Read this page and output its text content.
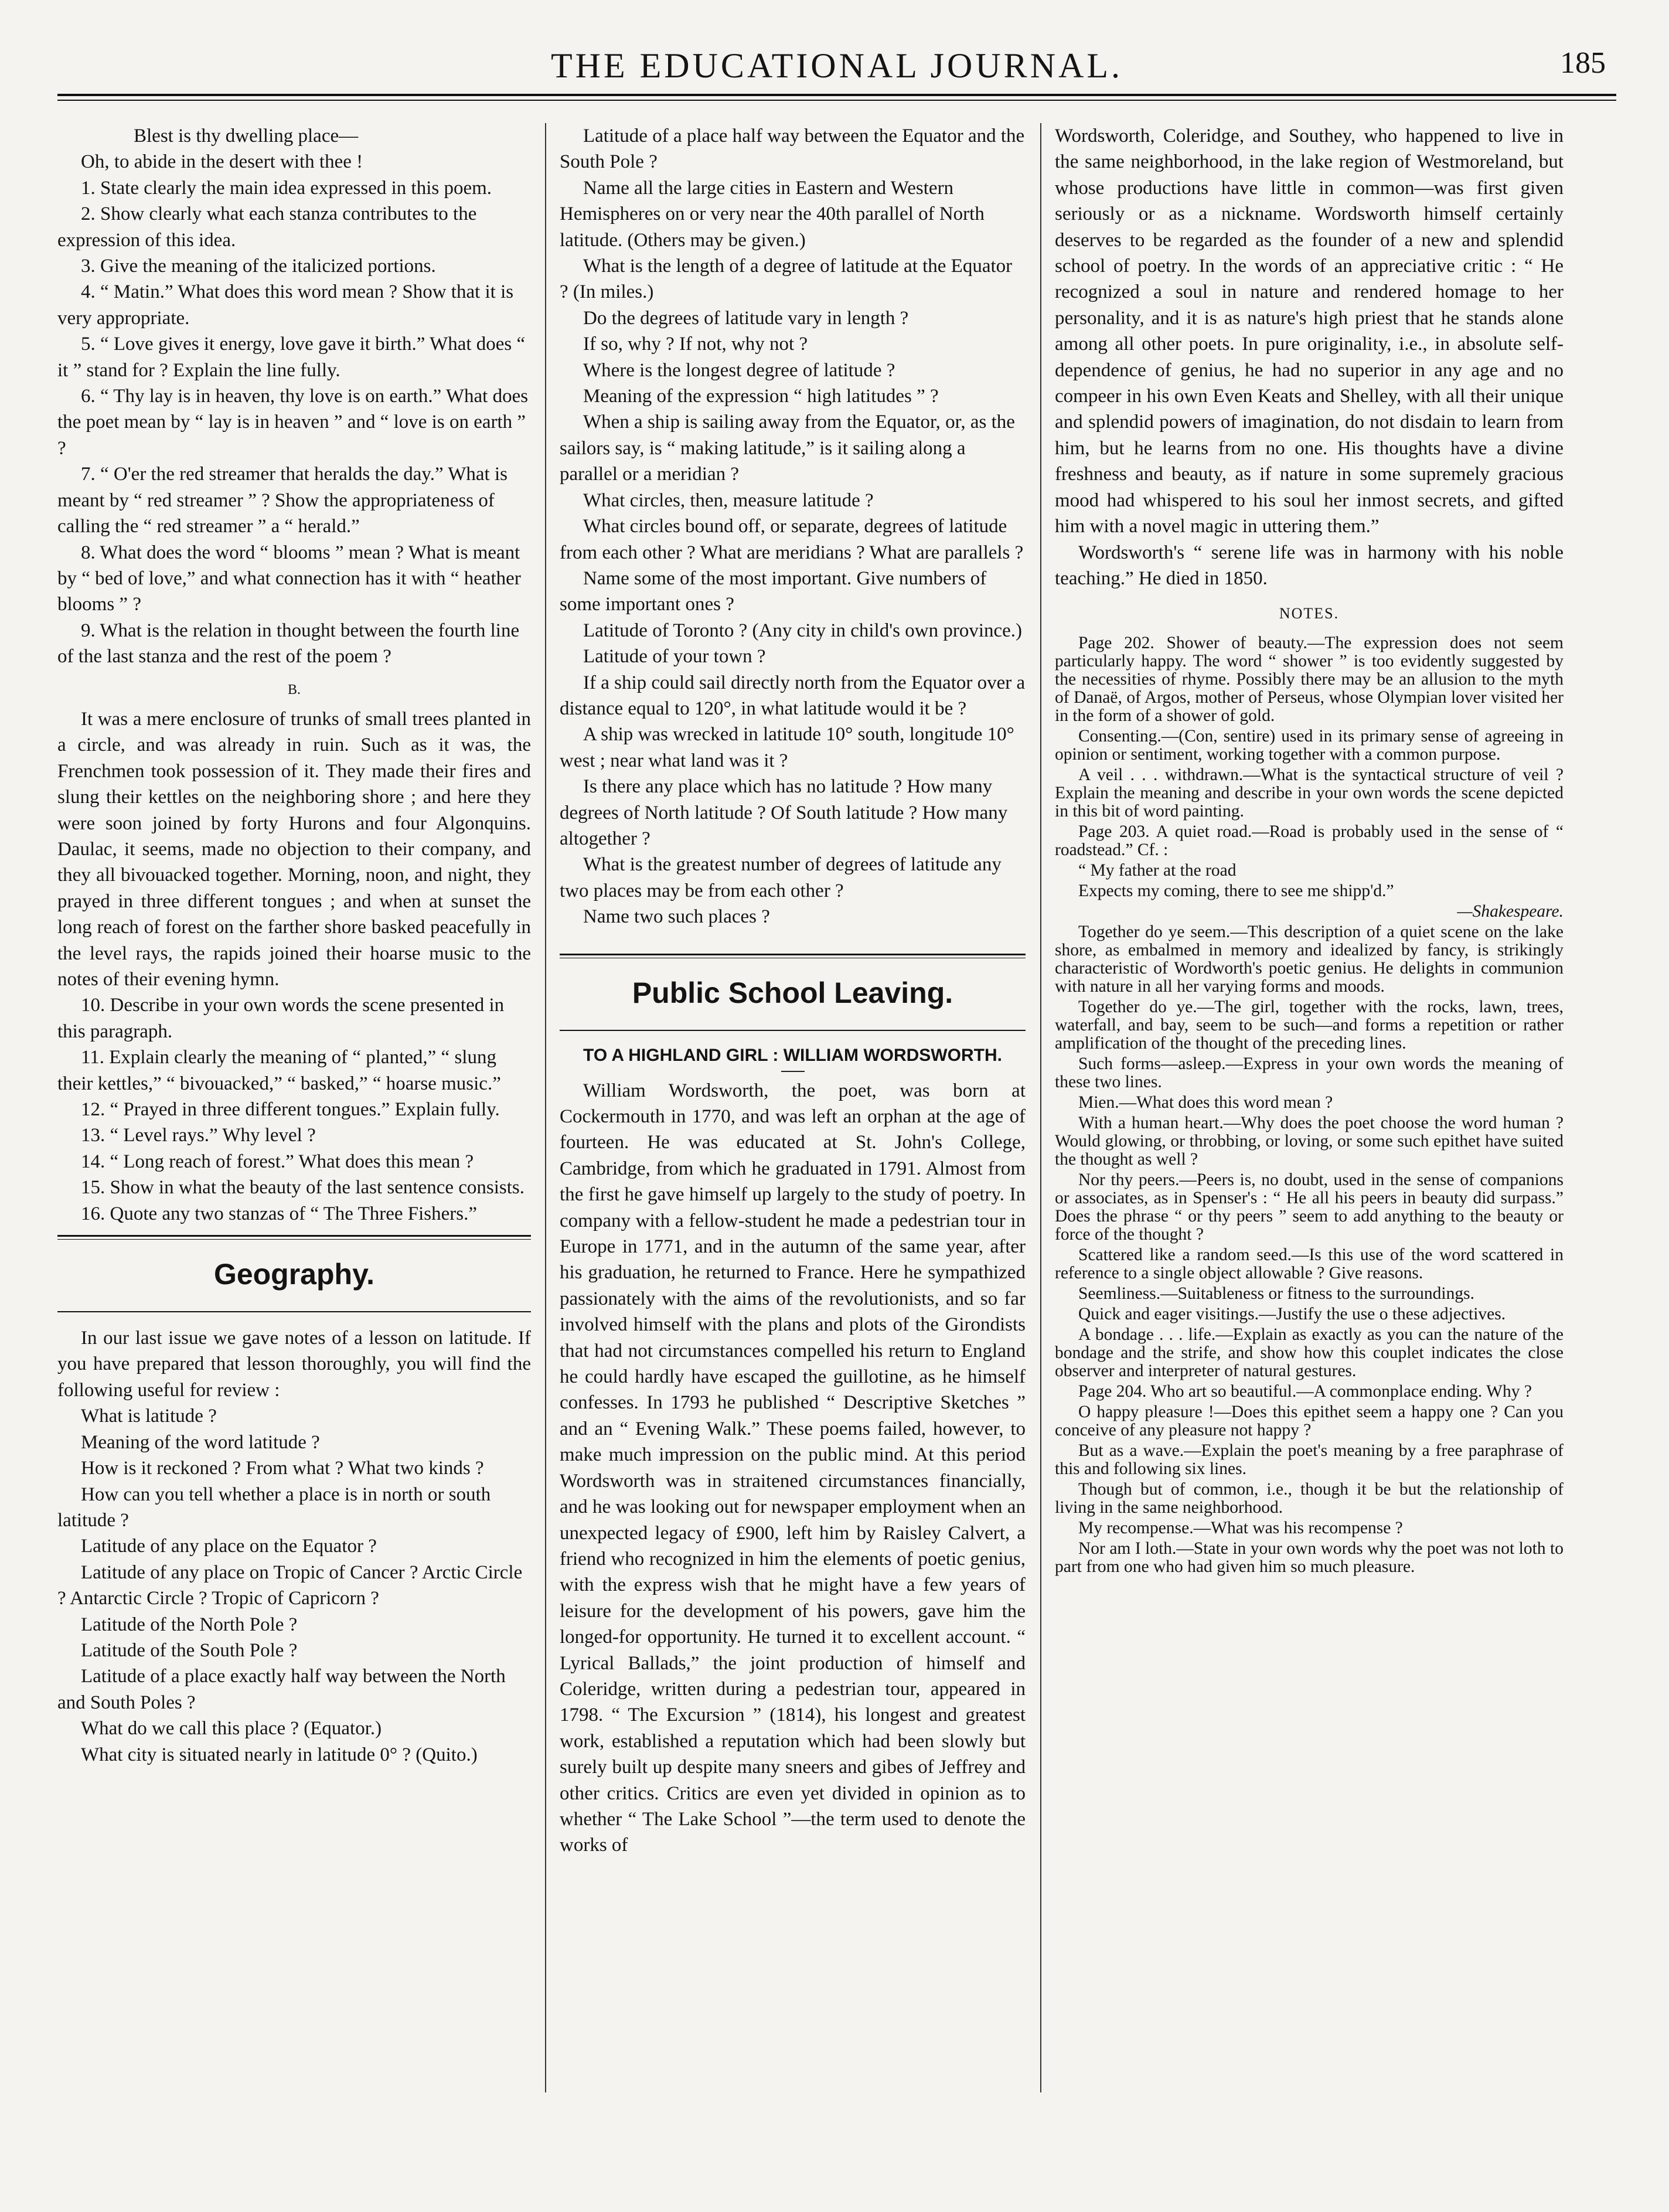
THE EDUCATIONAL JOURNAL.	185

Blest is thy dwelling place—

Oh, to abide in the desert with thee !

1. State clearly the main idea expressed in this poem.

2. Show clearly what each stanza contributes to the expression of this idea.

3. Give the meaning of the italicized portions.

4. “ Matin.” What does this word mean ? Show that it is very appropriate.

5. “ Love gives it energy, love gave it birth.” What does “ it ” stand for ? Explain the line fully.

6. “ Thy lay is in heaven, thy love is on earth.” What does the poet mean by “ lay is in heaven ” and “ love is on earth ” ?

7. “ O'er the red streamer that heralds the day.” What is meant by “ red streamer ” ? Show the appropriateness of calling the “ red streamer ” a “ herald.”

8. What does the word “ blooms ” mean ? What is meant by “ bed of love,” and what connection has it with “ heather blooms ” ?

9. What is the relation in thought between the fourth line of the last stanza and the rest of the poem ?

B.

It was a mere enclosure of trunks of small trees planted in a circle, and was already in ruin. Such as it was, the Frenchmen took possession of it. They made their fires and slung their kettles on the neighboring shore ; and here they were soon joined by forty Hurons and four Algonquins. Daulac, it seems, made no objection to their company, and they all bivouacked together. Morning, noon, and night, they prayed in three different tongues ; and when at sunset the long reach of forest on the farther shore basked peacefully in the level rays, the rapids joined their hoarse music to the notes of their evening hymn.

10. Describe in your own words the scene presented in this paragraph.

11. Explain clearly the meaning of “ planted,” “ slung their kettles,” “ bivouacked,” “ basked,” “ hoarse music.”

12. “ Prayed in three different tongues.” Explain fully.

13. “ Level rays.” Why level ?

14. “ Long reach of forest.” What does this mean ?

15. Show in what the beauty of the last sentence consists.

16. Quote any two stanzas of “ The Three Fishers.”

Geography.

In our last issue we gave notes of a lesson on latitude. If you have prepared that lesson thoroughly, you will find the following useful for review :

What is latitude ?

Meaning of the word latitude ?

How is it reckoned ? From what ? What two kinds ?

How can you tell whether a place is in north or south latitude ?

Latitude of any place on the Equator ?

Latitude of any place on Tropic of Cancer ? Arctic Circle ? Antarctic Circle ? Tropic of Capricorn ?

Latitude of the North Pole ?

Latitude of the South Pole ?

Latitude of a place exactly half way between the North and South Poles ?

What do we call this place ? (Equator.)

What city is situated nearly in latitude 0° ? (Quito.)

Latitude of a place half way between the Equator and the South Pole ?

Name all the large cities in Eastern and Western Hemispheres on or very near the 40th parallel of North latitude. (Others may be given.)

What is the length of a degree of latitude at the Equator ? (In miles.)

Do the degrees of latitude vary in length ?

If so, why ? If not, why not ?

Where is the longest degree of latitude ?

Meaning of the expression “ high latitudes ” ?

When a ship is sailing away from the Equator, or, as the sailors say, is “ making latitude,” is it sailing along a parallel or a meridian ?

What circles, then, measure latitude ?

What circles bound off, or separate, degrees of latitude from each other ? What are meridians ? What are parallels ?

Name some of the most important. Give numbers of some important ones ?

Latitude of Toronto ? (Any city in child's own province.)

Latitude of your town ?

If a ship could sail directly north from the Equator over a distance equal to 120°, in what latitude would it be ?

A ship was wrecked in latitude 10° south, longitude 10° west ; near what land was it ?

Is there any place which has no latitude ? How many degrees of North latitude ? Of South latitude ? How many altogether ?

What is the greatest number of degrees of latitude any two places may be from each other ?

Name two such places ?

Public School Leaving.
TO A HIGHLAND GIRL : WILLIAM WORDSWORTH.

William Wordsworth, the poet, was born at Cockermouth in 1770, and was left an orphan at the age of fourteen. He was educated at St. John's College, Cambridge, from which he graduated in 1791. Almost from the first he gave himself up largely to the study of poetry. In company with a fellow-student he made a pedestrian tour in Europe in 1771, and in the autumn of the same year, after his graduation, he returned to France. Here he sympathized passionately with the aims of the revolutionists, and so far involved himself with the plans and plots of the Girondists that had not circumstances compelled his return to England he could hardly have escaped the guillotine, as he himself confesses. In 1793 he published “ Descriptive Sketches ” and an “ Evening Walk.” These poems failed, however, to make much impression on the public mind. At this period Wordsworth was in straitened circumstances financially, and he was looking out for newspaper employment when an unexpected legacy of £900, left him by Raisley Calvert, a friend who recognized in him the elements of poetic genius, with the express wish that he might have a few years of leisure for the development of his powers, gave him the longed-for opportunity. He turned it to excellent account. “ Lyrical Ballads,” the joint production of himself and Coleridge, written during a pedestrian tour, appeared in 1798. “ The Excursion ” (1814), his longest and greatest work, established a reputation which had been slowly but surely built up despite many sneers and gibes of Jeffrey and other critics. Critics are even yet divided in opinion as to whether “ The Lake School ”—the term used to denote the works of

Wordsworth, Coleridge, and Southey, who happened to live in the same neighborhood, in the lake region of Westmoreland, but whose productions have little in common—was first given seriously or as a nickname. Wordsworth himself certainly deserves to be regarded as the founder of a new and splendid school of poetry. In the words of an appreciative critic : “ He recognized a soul in nature and rendered homage to her personality, and it is as nature's high priest that he stands alone among all other poets. In pure originality, i.e., in absolute self-dependence of genius, he had no superior in any age and no compeer in his own Even Keats and Shelley, with all their unique and splendid powers of imagination, do not disdain to learn from him, but he learns from no one. His thoughts have a divine freshness and beauty, as if nature in some supremely gracious mood had whispered to his soul her inmost secrets, and gifted him with a novel magic in uttering them.”

Wordsworth's “ serene life was in harmony with his noble teaching.” He died in 1850.

NOTES.

Page 202. Shower of beauty.—The expression does not seem particularly happy. The word “ shower ” is too evidently suggested by the necessities of rhyme. Possibly there may be an allusion to the myth of Danaë, of Argos, mother of Perseus, whose Olympian lover visited her in the form of a shower of gold.

Consenting.—(Con, sentire) used in its primary sense of agreeing in opinion or sentiment, working together with a common purpose.

A veil . . . withdrawn.—What is the syntactical structure of veil ? Explain the meaning and describe in your own words the scene depicted in this bit of word painting.

Page 203. A quiet road.—Road is probably used in the sense of “ roadstead.” Cf. :

“ My father at the road

Expects my coming, there to see me shipp'd.”

—Shakespeare.

Together do ye seem.—This description of a quiet scene on the lake shore, as embalmed in memory and idealized by fancy, is strikingly characteristic of Wordworth's poetic genius. He delights in communion with nature in all her varying forms and moods.

Together do ye.—The girl, together with the rocks, lawn, trees, waterfall, and bay, seem to be such—and forms a repetition or rather amplification of the thought of the preceding lines.

Such forms—asleep.—Express in your own words the meaning of these two lines.

Mien.—What does this word mean ?

With a human heart.—Why does the poet choose the word human ? Would glowing, or throbbing, or loving, or some such epithet have suited the thought as well ?

Nor thy peers.—Peers is, no doubt, used in the sense of companions or associates, as in Spenser's : “ He all his peers in beauty did surpass.” Does the phrase “ or thy peers ” seem to add anything to the beauty or force of the thought ?

Scattered like a random seed.—Is this use of the word scattered in reference to a single object allowable ? Give reasons.

Seemliness.—Suitableness or fitness to the surroundings.

Quick and eager visitings.—Justify the use o these adjectives.

A bondage . . . life.—Explain as exactly as you can the nature of the bondage and the strife, and show how this couplet indicates the close observer and interpreter of natural gestures.

Page 204. Who art so beautiful.—A commonplace ending. Why ?

O happy pleasure !—Does this epithet seem a happy one ? Can you conceive of any pleasure not happy ?

But as a wave.—Explain the poet's meaning by a free paraphrase of this and following six lines.

Though but of common, i.e., though it be but the relationship of living in the same neighborhood.

My recompense.—What was his recompense ?

Nor am I loth.—State in your own words why the poet was not loth to part from one who had given him so much pleasure.
